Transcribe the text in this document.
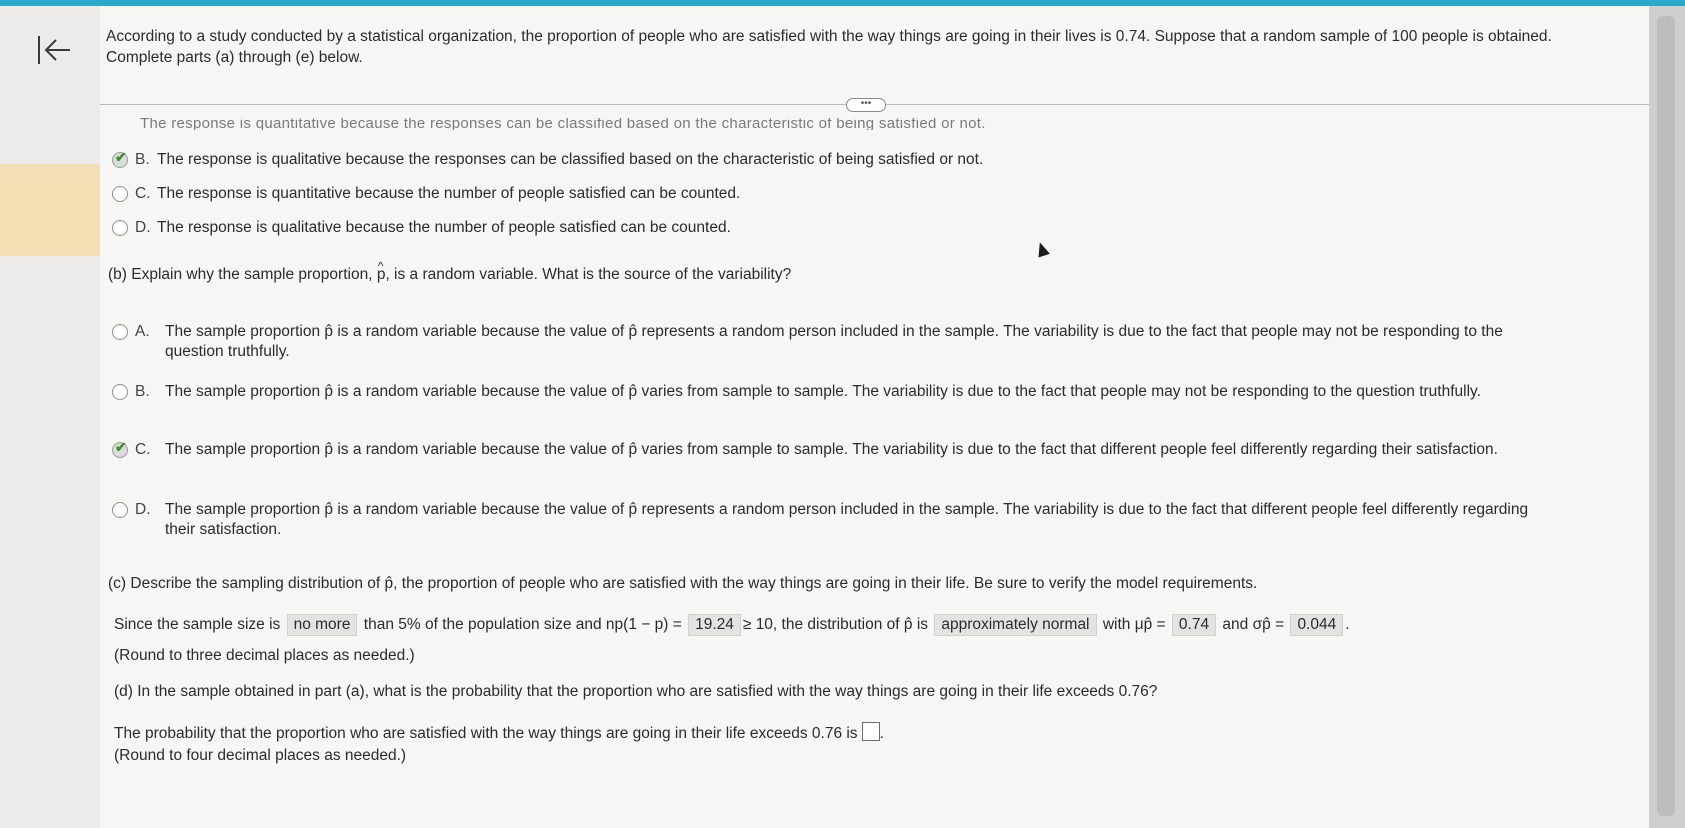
According to a study conducted by a statistical organization, the proportion of people who are satisfied with the way things are going in their lives is 0.74. Suppose that a random sample of 100 people is obtained. Complete parts (a) through (e) below.
•••
The response is quantitative because the responses can be classified based on the characteristic of being satisfied or not.
✔ B. The response is qualitative because the responses can be classified based on the characteristic of being satisfied or not.
C. The response is quantitative because the number of people satisfied can be counted.
D. The response is qualitative because the number of people satisfied can be counted.
(b) Explain why the sample proportion, ^ p, is a random variable. What is the source of the variability?
A. The sample proportion p̂ is a random variable because the value of p̂ represents a random person included in the sample. The variability is due to the fact that people may not be responding to the question truthfully.
B. The sample proportion p̂ is a random variable because the value of p̂ varies from sample to sample. The variability is due to the fact that people may not be responding to the question truthfully.
✔ C. The sample proportion p̂ is a random variable because the value of p̂ varies from sample to sample. The variability is due to the fact that different people feel differently regarding their satisfaction.
D. The sample proportion p̂ is a random variable because the value of p̂ represents a random person included in the sample. The variability is due to the fact that different people feel differently regarding their satisfaction.
(c) Describe the sampling distribution of p̂, the proportion of people who are satisfied with the way things are going in their life. Be sure to verify the model requirements.
Since the sample size is no more than 5% of the population size and np(1 − p) = 19.24 ≥ 10, the distribution of p̂ is approximately normal with μp̂ = 0.74 and σp̂ = 0.044 .
(Round to three decimal places as needed.)
(d) In the sample obtained in part (a), what is the probability that the proportion who are satisfied with the way things are going in their life exceeds 0.76?
The probability that the proportion who are satisfied with the way things are going in their life exceeds 0.76 is .
(Round to four decimal places as needed.)
